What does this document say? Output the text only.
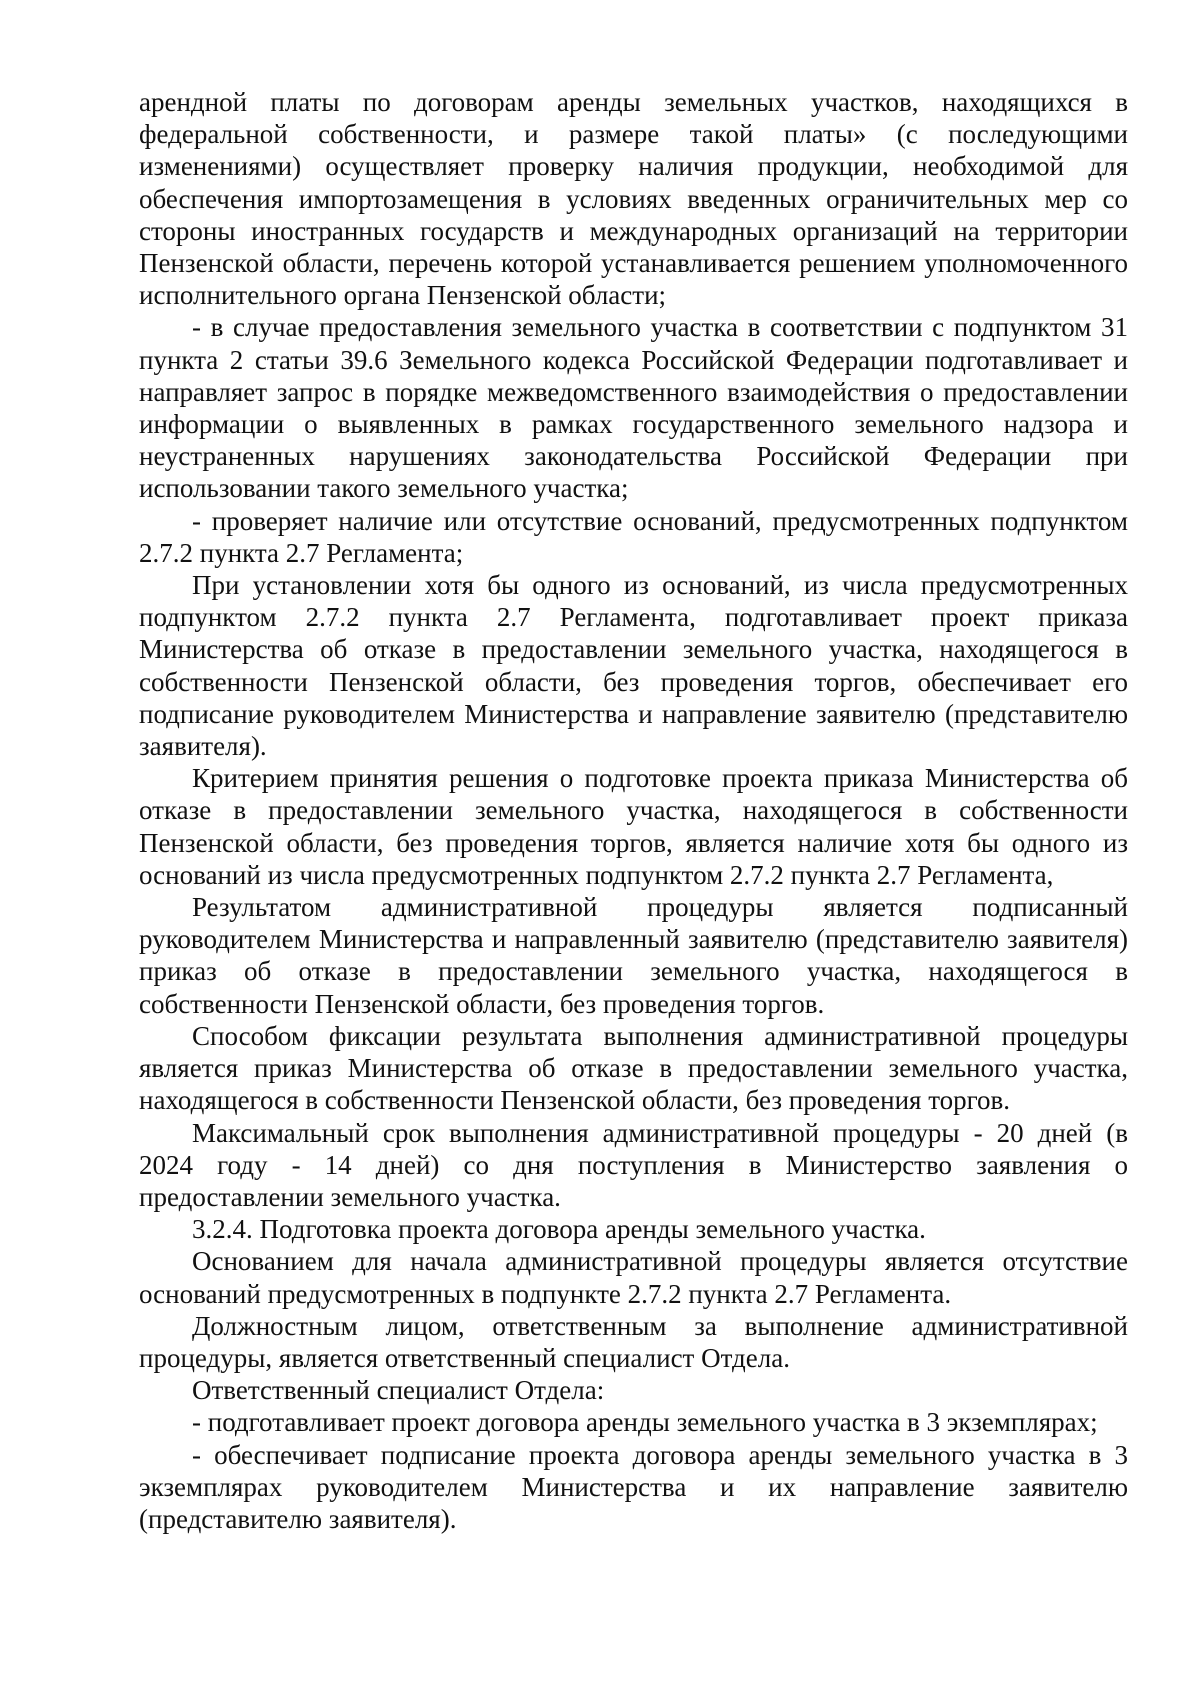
арендной платы по договорам аренды земельных участков, находящихся в федеральной собственности, и размере такой платы» (с последующими изменениями) осуществляет проверку наличия продукции, необходимой для обеспечения импортозамещения в условиях введенных ограничительных мер со стороны иностранных государств и международных организаций на территории Пензенской области, перечень которой устанавливается решением уполномоченного исполнительного органа Пензенской области;

- в случае предоставления земельного участка в соответствии с подпунктом 31 пункта 2 статьи 39.6 Земельного кодекса Российской Федерации подготавливает и направляет запрос в порядке межведомственного взаимодействия о предоставлении информации о выявленных в рамках государственного земельного надзора и неустраненных нарушениях законодательства Российской Федерации при использовании такого земельного участка;

- проверяет наличие или отсутствие оснований, предусмотренных подпунктом 2.7.2 пункта 2.7 Регламента;

При установлении хотя бы одного из оснований, из числа предусмотренных подпунктом 2.7.2 пункта 2.7 Регламента, подготавливает проект приказа Министерства об отказе в предоставлении земельного участка, находящегося в собственности Пензенской области, без проведения торгов, обеспечивает его подписание руководителем Министерства и направление заявителю (представителю заявителя).

Критерием принятия решения о подготовке проекта приказа Министерства об отказе в предоставлении земельного участка, находящегося в собственности Пензенской области, без проведения торгов, является наличие хотя бы одного из оснований из числа предусмотренных подпунктом 2.7.2 пункта 2.7 Регламента,

Результатом административной процедуры является подписанный руководителем Министерства и направленный заявителю (представителю заявителя) приказ об отказе в предоставлении земельного участка, находящегося в собственности Пензенской области, без проведения торгов.

Способом фиксации результата выполнения административной процедуры является приказ Министерства об отказе в предоставлении земельного участка, находящегося в собственности Пензенской области, без проведения торгов.

Максимальный срок выполнения административной процедуры - 20 дней (в 2024 году - 14 дней) со дня поступления в Министерство заявления о предоставлении земельного участка.

3.2.4. Подготовка проекта договора аренды земельного участка.

Основанием для начала административной процедуры является отсутствие оснований предусмотренных в подпункте 2.7.2 пункта 2.7 Регламента.

Должностным лицом, ответственным за выполнение административной процедуры, является ответственный специалист Отдела.

Ответственный специалист Отдела:

- подготавливает проект договора аренды земельного участка в 3 экземплярах;

- обеспечивает подписание проекта договора аренды земельного участка в 3 экземплярах руководителем Министерства и их направление заявителю (представителю заявителя).
